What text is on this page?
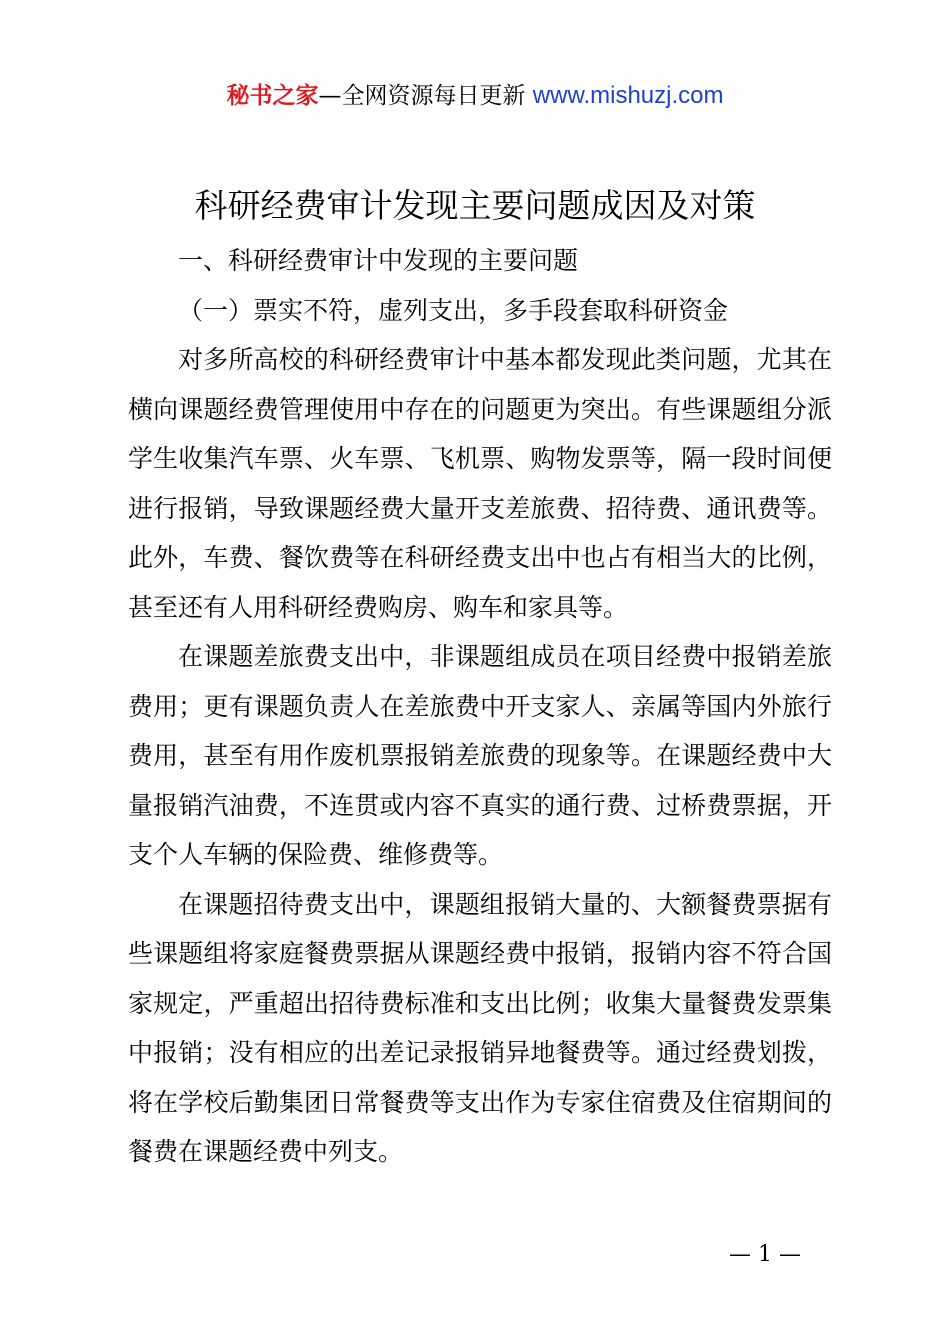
秘书之家—全网资源每日更新 www.mishuzj.com
科研经费审计发现主要问题成因及对策

一、科研经费审计中发现的主要问题

（一）票实不符，虚列支出，多手段套取科研资金

对多所高校的科研经费审计中基本都发现此类问题，尤其在横向课题经费管理使用中存在的问题更为突出。有些课题组分派学生收集汽车票、火车票、飞机票、购物发票等，隔一段时间便进行报销，导致课题经费大量开支差旅费、招待费、通讯费等。此外，车费、餐饮费等在科研经费支出中也占有相当大的比例，甚至还有人用科研经费购房、购车和家具等。

在课题差旅费支出中，非课题组成员在项目经费中报销差旅费用；更有课题负责人在差旅费中开支家人、亲属等国内外旅行费用，甚至有用作废机票报销差旅费的现象等。在课题经费中大量报销汽油费，不连贯或内容不真实的通行费、过桥费票据，开支个人车辆的保险费、维修费等。

在课题招待费支出中，课题组报销大量的、大额餐费票据有些课题组将家庭餐费票据从课题经费中报销，报销内容不符合国家规定，严重超出招待费标准和支出比例；收集大量餐费发票集中报销；没有相应的出差记录报销异地餐费等。通过经费划拨，将在学校后勤集团日常餐费等支出作为专家住宿费及住宿期间的餐费在课题经费中列支。

— 1 —
